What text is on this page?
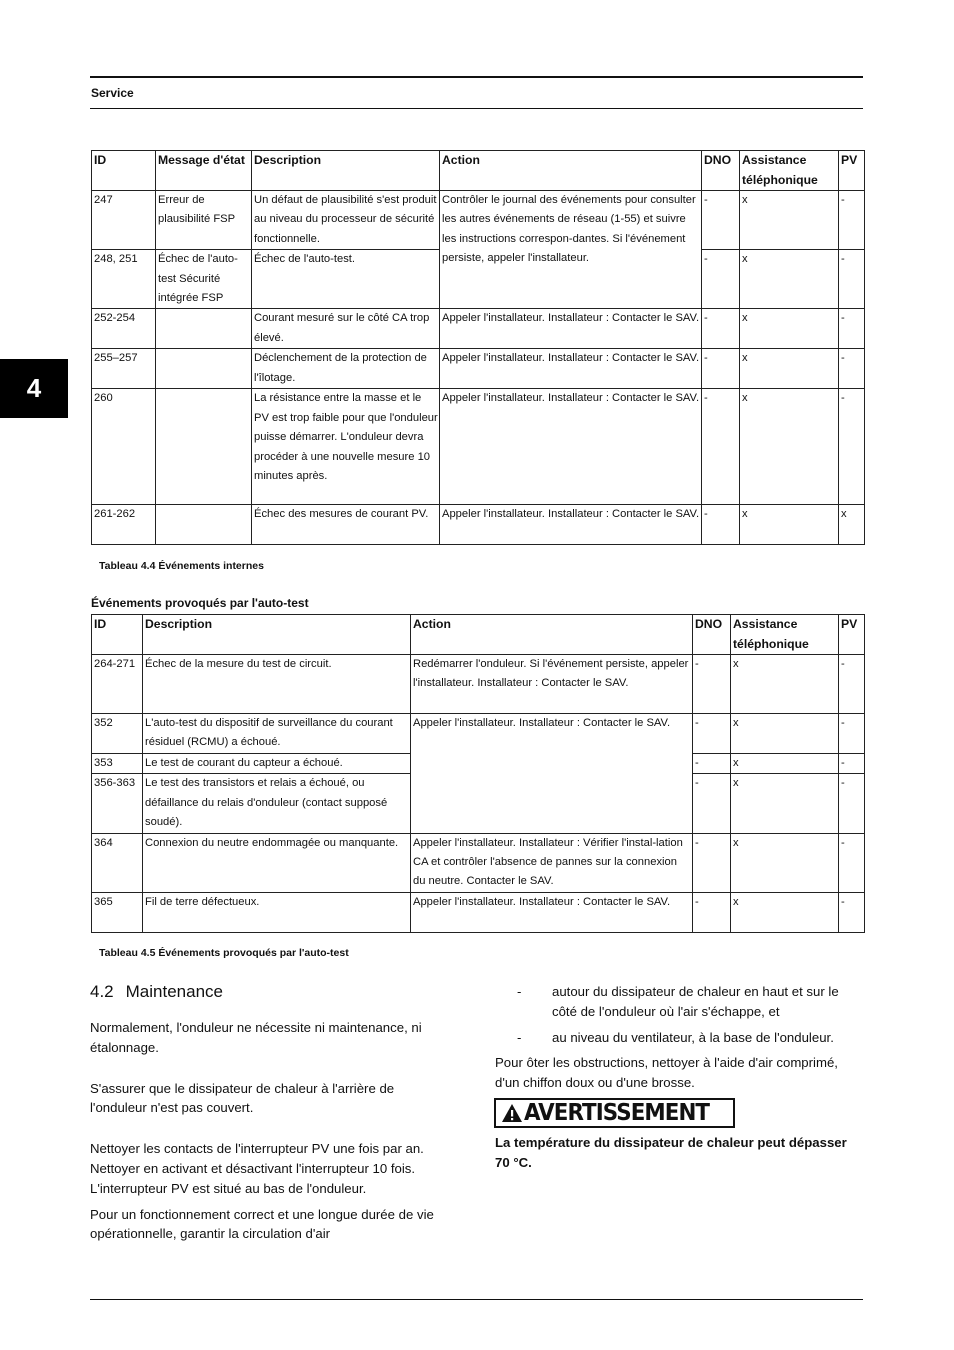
Service
4
ID	Message d'état	Description	Action	DNO	Assistance téléphonique	PV
247	Erreur de plausibilité FSP	Un défaut de plausibilité s'est produit au niveau du processeur de sécurité fonctionnelle.	Contrôler le journal des événements pour consulter les autres événements de réseau (1-55) et suivre les instructions correspon-dantes. Si l'événement persiste, appeler l'installateur.	-	x	-
248, 251	Échec de l'auto-test Sécurité intégrée FSP	Échec de l'auto-test.		-	x	-
252-254		Courant mesuré sur le côté CA trop élevé.	Appeler l'installateur. Installateur : Contacter le SAV.	-	x	-
255–257		Déclenchement de la protection de l'îlotage.	Appeler l'installateur. Installateur : Contacter le SAV.	-	x	-
260		La résistance entre la masse et le PV est trop faible pour que l'onduleur puisse démarrer. L'onduleur devra procéder à une nouvelle mesure 10 minutes après.	Appeler l'installateur. Installateur : Contacter le SAV.	-	x	-
261-262		Échec des mesures de courant PV.	Appeler l'installateur. Installateur : Contacter le SAV.	-	x	x
Tableau 4.4 Événements internes
Événements provoqués par l'auto-test
ID	Description	Action	DNO	Assistance téléphonique	PV
264-271	Échec de la mesure du test de circuit.	Redémarrer l'onduleur. Si l'événement persiste, appeler l'installateur. Installateur : Contacter le SAV.	-	x	-
352	L'auto-test du dispositif de surveillance du courant résiduel (RCMU) a échoué.	Appeler l'installateur. Installateur : Contacter le SAV.	-	x	-
353	Le test de courant du capteur a échoué.		-	x	-
356-363	Le test des transistors et relais a échoué, ou défaillance du relais d'onduleur (contact supposé soudé).		-	x	-
364	Connexion du neutre endommagée ou manquante.	Appeler l'installateur. Installateur : Vérifier l'instal-lation CA et contrôler l'absence de pannes sur la connexion du neutre. Contacter le SAV.	-	x	-
365	Fil de terre défectueux.	Appeler l'installateur. Installateur : Contacter le SAV.	-	x	-
Tableau 4.5 Événements provoqués par l'auto-test
4.2 Maintenance

Normalement, l'onduleur ne nécessite ni maintenance, ni étalonnage.

S'assurer que le dissipateur de chaleur à l'arrière de l'onduleur n'est pas couvert.

Nettoyer les contacts de l'interrupteur PV une fois par an. Nettoyer en activant et désactivant l'interrupteur 10 fois. L'interrupteur PV est situé au bas de l'onduleur.

Pour un fonctionnement correct et une longue durée de vie opérationnelle, garantir la circulation d'air

- autour du dissipateur de chaleur en haut et sur le côté de l'onduleur où l'air s'échappe, et
- au niveau du ventilateur, à la base de l'onduleur.

Pour ôter les obstructions, nettoyer à l'aide d'air comprimé, d'un chiffon doux ou d'une brosse.

AVERTISSEMENT
La température du dissipateur de chaleur peut dépasser 70 °C.
